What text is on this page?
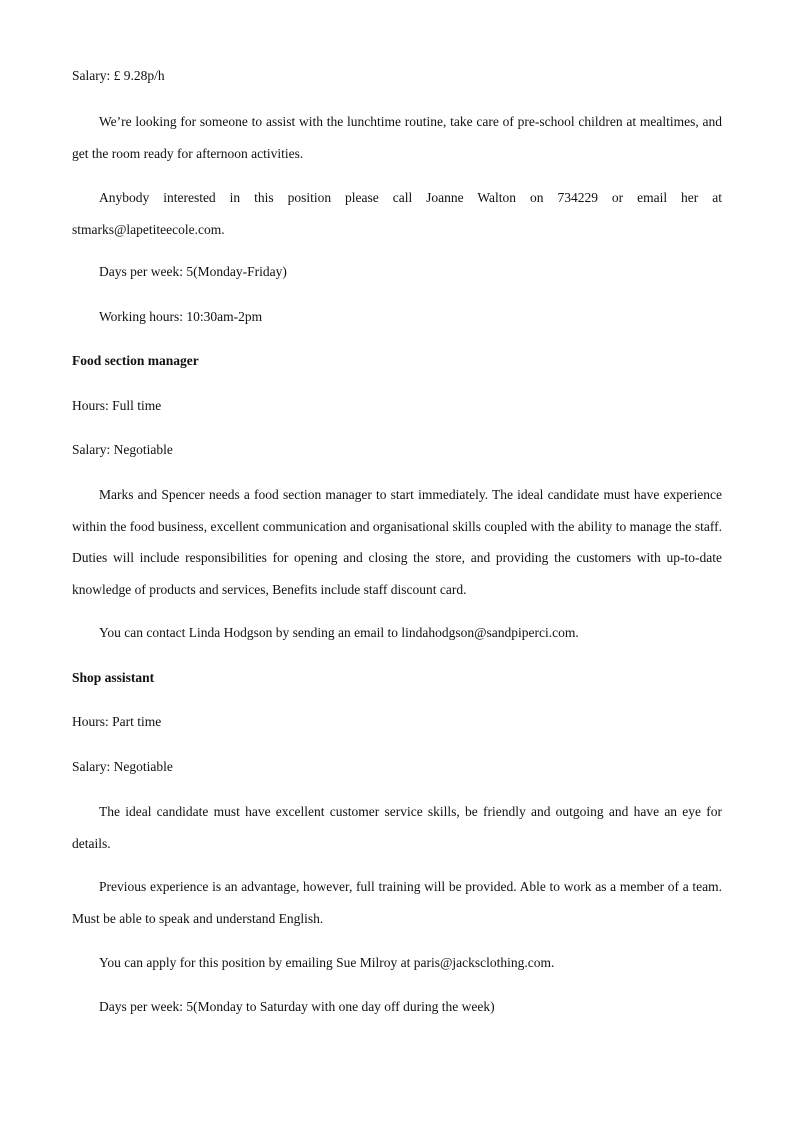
Salary: £ 9.28p/h
We’re looking for someone to assist with the lunchtime routine, take care of pre-school children at mealtimes, and get the room ready for afternoon activities.
Anybody interested in this position please call Joanne Walton on 734229 or email her at stmarks@lapetiteecole.com.
Days per week: 5(Monday-Friday)
Working hours: 10:30am-2pm
Food section manager
Hours: Full time
Salary: Negotiable
Marks and Spencer needs a food section manager to start immediately. The ideal candidate must have experience within the food business, excellent communication and organisational skills coupled with the ability to manage the staff. Duties will include responsibilities for opening and closing the store, and providing the customers with up-to-date knowledge of products and services, Benefits include staff discount card.
You can contact Linda Hodgson by sending an email to lindahodgson@sandpiperci.com.
Shop assistant
Hours: Part time
Salary: Negotiable
The ideal candidate must have excellent customer service skills, be friendly and outgoing and have an eye for details.
Previous experience is an advantage, however, full training will be provided. Able to work as a member of a team. Must be able to speak and understand English.
You can apply for this position by emailing Sue Milroy at paris@jacksclothing.com.
Days per week: 5(Monday to Saturday with one day off during the week)
